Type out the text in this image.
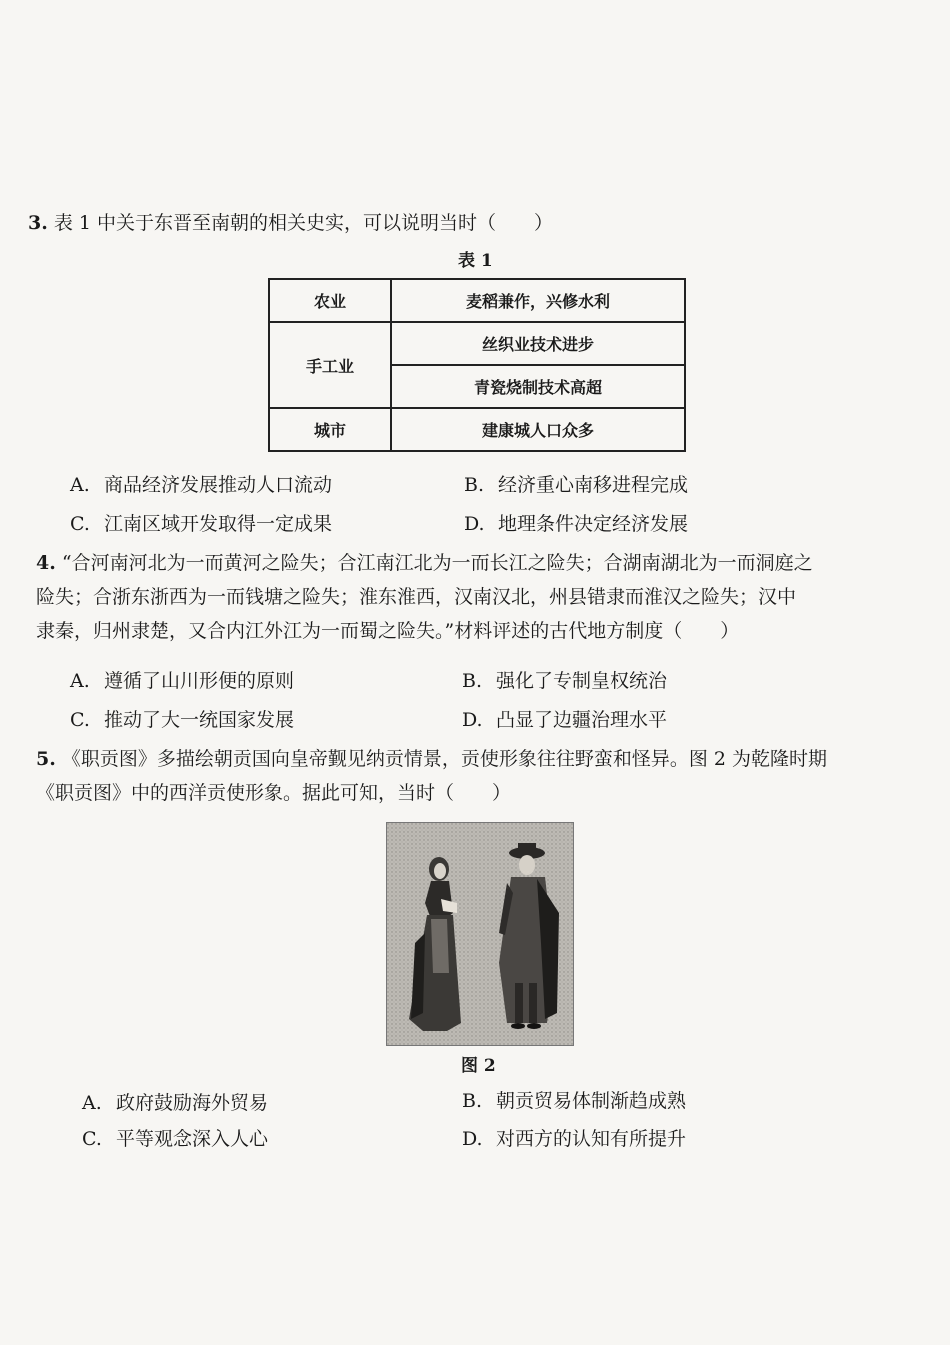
3. 表 1 中关于东晋至南朝的相关史实，可以说明当时（　　）
表 1
农业	麦稻兼作，兴修水利
手工业	丝织业技术进步
	青瓷烧制技术高超
城市	建康城人口众多
A. 商品经济发展推动人口流动	B. 经济重心南移进程完成
C. 江南区域开发取得一定成果	D. 地理条件决定经济发展
4. “合河南河北为一而黄河之险失；合江南江北为一而长江之险失；合湖南湖北为一而洞庭之
险失；合浙东浙西为一而钱塘之险失；淮东淮西，汉南汉北，州县错隶而淮汉之险失；汉中
隶秦，归州隶楚，又合内江外江为一而蜀之险失。”材料评述的古代地方制度（　　）
A. 遵循了山川形便的原则	B. 强化了专制皇权统治
C. 推动了大一统国家发展	D. 凸显了边疆治理水平
5. 《职贡图》多描绘朝贡国向皇帝觐见纳贡情景，贡使形象往往野蛮和怪异。图 2 为乾隆时期
《职贡图》中的西洋贡使形象。据此可知，当时（　　）
图 2
A. 政府鼓励海外贸易	B. 朝贡贸易体制渐趋成熟
C. 平等观念深入人心	D. 对西方的认知有所提升
